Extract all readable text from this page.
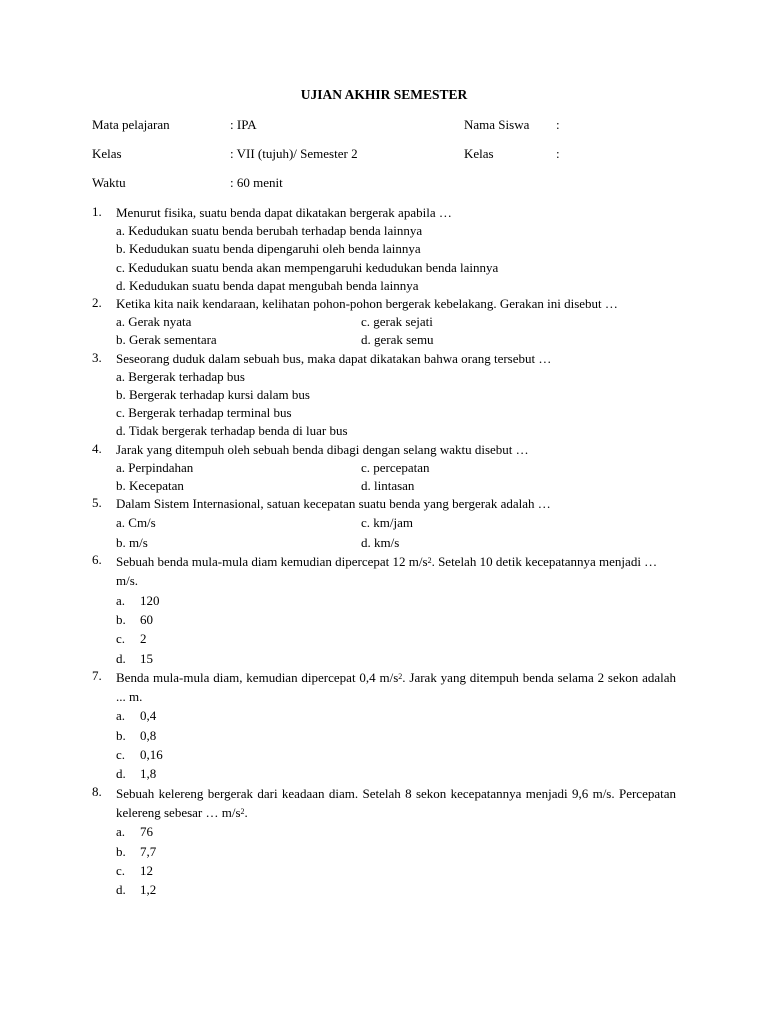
UJIAN AKHIR SEMESTER
Mata pelajaran	: IPA	Nama Siswa :
Kelas	: VII (tujuh)/ Semester 2	Kelas	:
Waktu	: 60 menit
1. Menurut fisika, suatu benda dapat dikatakan bergerak apabila …
a. Kedudukan suatu benda berubah terhadap benda lainnya
b. Kedudukan suatu benda dipengaruhi oleh benda lainnya
c. Kedudukan suatu benda akan mempengaruhi kedudukan benda lainnya
d. Kedudukan suatu benda dapat mengubah benda lainnya
2. Ketika kita naik kendaraan, kelihatan pohon-pohon bergerak kebelakang. Gerakan ini disebut …
a. Gerak nyata	c. gerak sejati
b. Gerak sementara	d. gerak semu
3. Seseorang duduk dalam sebuah bus, maka dapat dikatakan bahwa orang tersebut …
a. Bergerak terhadap bus
b. Bergerak terhadap kursi dalam bus
c. Bergerak terhadap terminal bus
d. Tidak bergerak terhadap benda di luar bus
4. Jarak yang ditempuh oleh sebuah benda dibagi dengan selang waktu disebut …
a. Perpindahan	c. percepatan
b. Kecepatan	d. lintasan
5. Dalam Sistem Internasional, satuan kecepatan suatu benda yang bergerak adalah …
a. Cm/s	c. km/jam
b. m/s	d. km/s
6. Sebuah benda mula-mula diam kemudian dipercepat 12 $m/s^2$. Setelah 10 detik kecepatannya menjadi … m/s.
a.	120
b.	60
c.	2
d.	15
7. Benda mula-mula diam, kemudian dipercepat 0,4 $m/s^2$. Jarak yang ditempuh benda selama 2 sekon adalah ... m.
a.	0,4
b.	0,8
c.	0,16
d.	1,8
8. Sebuah kelereng bergerak dari keadaan diam. Setelah 8 sekon kecepatannya menjadi 9,6 m/s. Percepatan kelereng sebesar … $m/s^2$.
a.	76
b.	7,7
c.	12
d.	1,2
